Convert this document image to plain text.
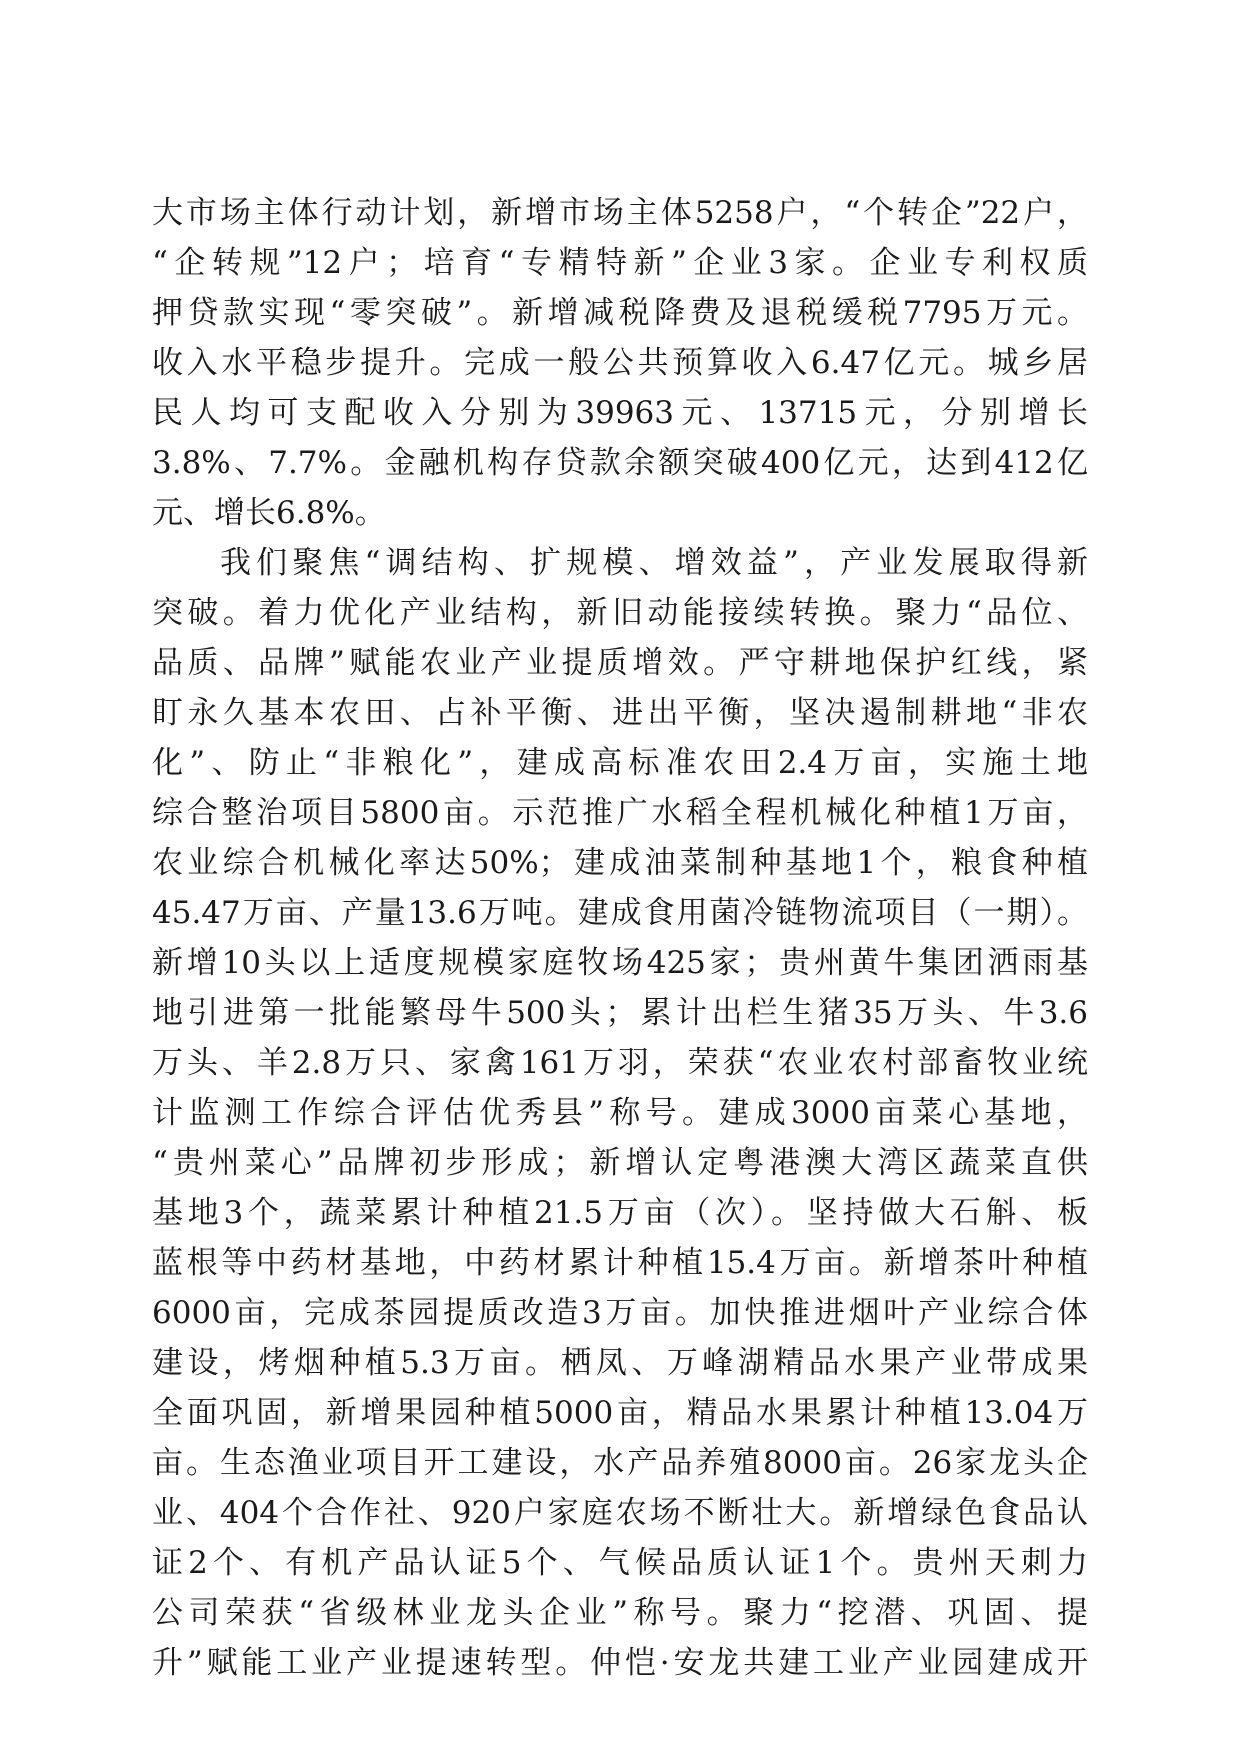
大市场主体行动计划，新增市场主体5258户，“个转企”22户，
“企转规”12户；培育“专精特新”企业3家。企业专利权质
押贷款实现“零突破”。新增减税降费及退税缓税7795万元。
收入水平稳步提升。完成一般公共预算收入6.47亿元。城乡居
民人均可支配收入分别为39963元、13715元，分别增长
3.8%、7.7%。金融机构存贷款余额突破400亿元，达到412亿
元、增长6.8%。
我们聚焦“调结构、扩规模、增效益”，产业发展取得新
突破。着力优化产业结构，新旧动能接续转换。聚力“品位、
品质、品牌”赋能农业产业提质增效。严守耕地保护红线，紧
盯永久基本农田、占补平衡、进出平衡，坚决遏制耕地“非农
化”、防止“非粮化”，建成高标准农田2.4万亩，实施土地
综合整治项目5800亩。示范推广水稻全程机械化种植1万亩，
农业综合机械化率达50%；建成油菜制种基地1个，粮食种植
45.47万亩、产量13.6万吨。建成食用菌冷链物流项目（一期）。
新增10头以上适度规模家庭牧场425家；贵州黄牛集团洒雨基
地引进第一批能繁母牛500头；累计出栏生猪35万头、牛3.6
万头、羊2.8万只、家禽161万羽，荣获“农业农村部畜牧业统
计监测工作综合评估优秀县”称号。建成3000亩菜心基地，
“贵州菜心”品牌初步形成；新增认定粤港澳大湾区蔬菜直供
基地3个，蔬菜累计种植21.5万亩（次）。坚持做大石斛、板
蓝根等中药材基地，中药材累计种植15.4万亩。新增茶叶种植
6000亩，完成茶园提质改造3万亩。加快推进烟叶产业综合体
建设，烤烟种植5.3万亩。栖凤、万峰湖精品水果产业带成果
全面巩固，新增果园种植5000亩，精品水果累计种植13.04万
亩。生态渔业项目开工建设，水产品养殖8000亩。26家龙头企
业、404个合作社、920户家庭农场不断壮大。新增绿色食品认
证2个、有机产品认证5个、气候品质认证1个。贵州天刺力
公司荣获“省级林业龙头企业”称号。聚力“挖潜、巩固、提
升”赋能工业产业提速转型。仲恺·安龙共建工业产业园建成开
